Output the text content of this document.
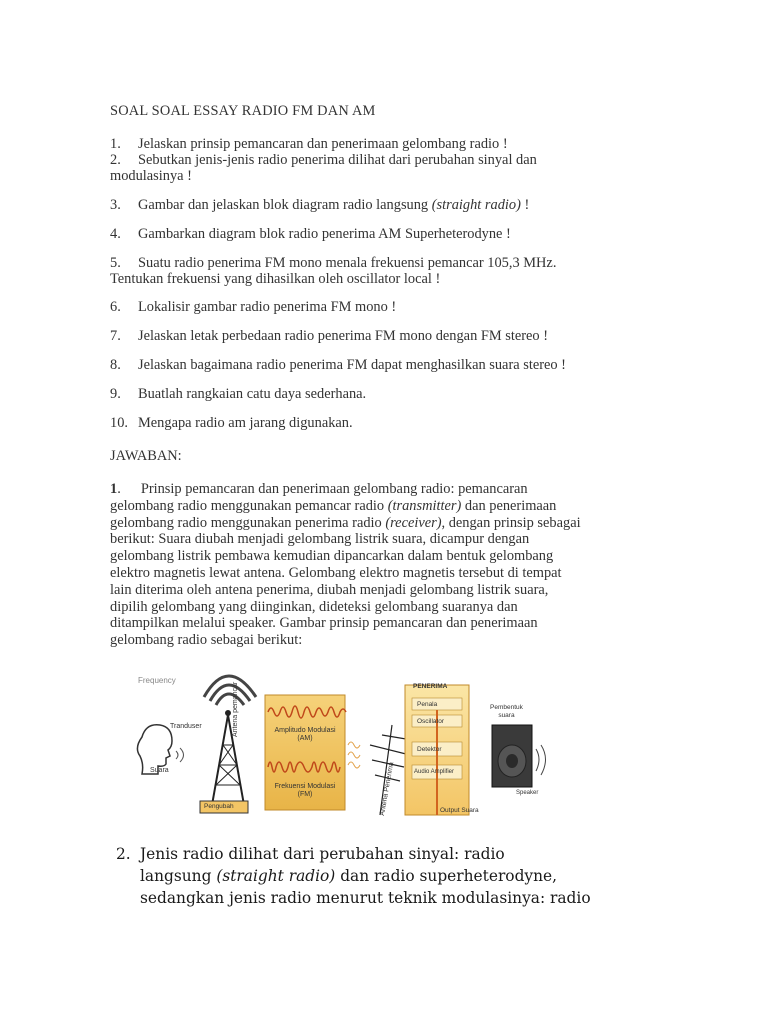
SOAL SOAL ESSAY RADIO FM DAN AM

1. Jelaskan prinsip pemancaran dan penerimaan gelombang radio !

2. Sebutkan jenis-jenis radio penerima dilihat dari perubahan sinyal dan

modulasinya !

3. Gambar dan jelaskan blok diagram radio langsung (straight radio) !

4. Gambarkan diagram blok radio penerima AM Superheterodyne !

5. Suatu radio penerima FM mono menala frekuensi pemancar 105,3 MHz.

Tentukan frekuensi yang dihasilkan oleh oscillator local !

6. Lokalisir gambar radio penerima FM mono !

7. Jelaskan letak perbedaan radio penerima FM mono dengan FM stereo !

8. Jelaskan bagaimana radio penerima FM dapat menghasilkan suara stereo !

9. Buatlah rangkaian catu daya sederhana.

10. Mengapa radio am jarang digunakan.

JAWABAN:

1. Prinsip pemancaran dan penerimaan gelombang radio: pemancaran

gelombang radio menggunakan pemancar radio (transmitter) dan penerimaan

gelombang radio menggunakan penerima radio (receiver), dengan prinsip sebagai

berikut: Suara diubah menjadi gelombang listrik suara, dicampur dengan

gelombang listrik pembawa kemudian dipancarkan dalam bentuk gelombang

elektro magnetis lewat antena. Gelombang elektro magnetis tersebut di tempat

lain diterima oleh antena penerima, diubah menjadi gelombang listrik suara,

dipilih gelombang yang diinginkan, dideteksi gelombang suaranya dan

ditampilkan melalui speaker. Gambar prinsip pemancaran dan penerimaan

gelombang radio sebagai berikut:

Frequency
Tranduser
Suara
Antena pemancar
Pengubah
Amplitudo Modulasi
(AM)
Frekuensi Modulasi
(FM)
PENERIMA
Penala
Oscillator
Detektor
Audio Amplifier
Antena Penerima	Output Suara
Pembentuk
suara
Speaker

2. Jenis radio dilihat dari perubahan sinyal: radio

langsung (straight radio) dan radio superheterodyne,

sedangkan jenis radio menurut teknik modulasinya: radio
